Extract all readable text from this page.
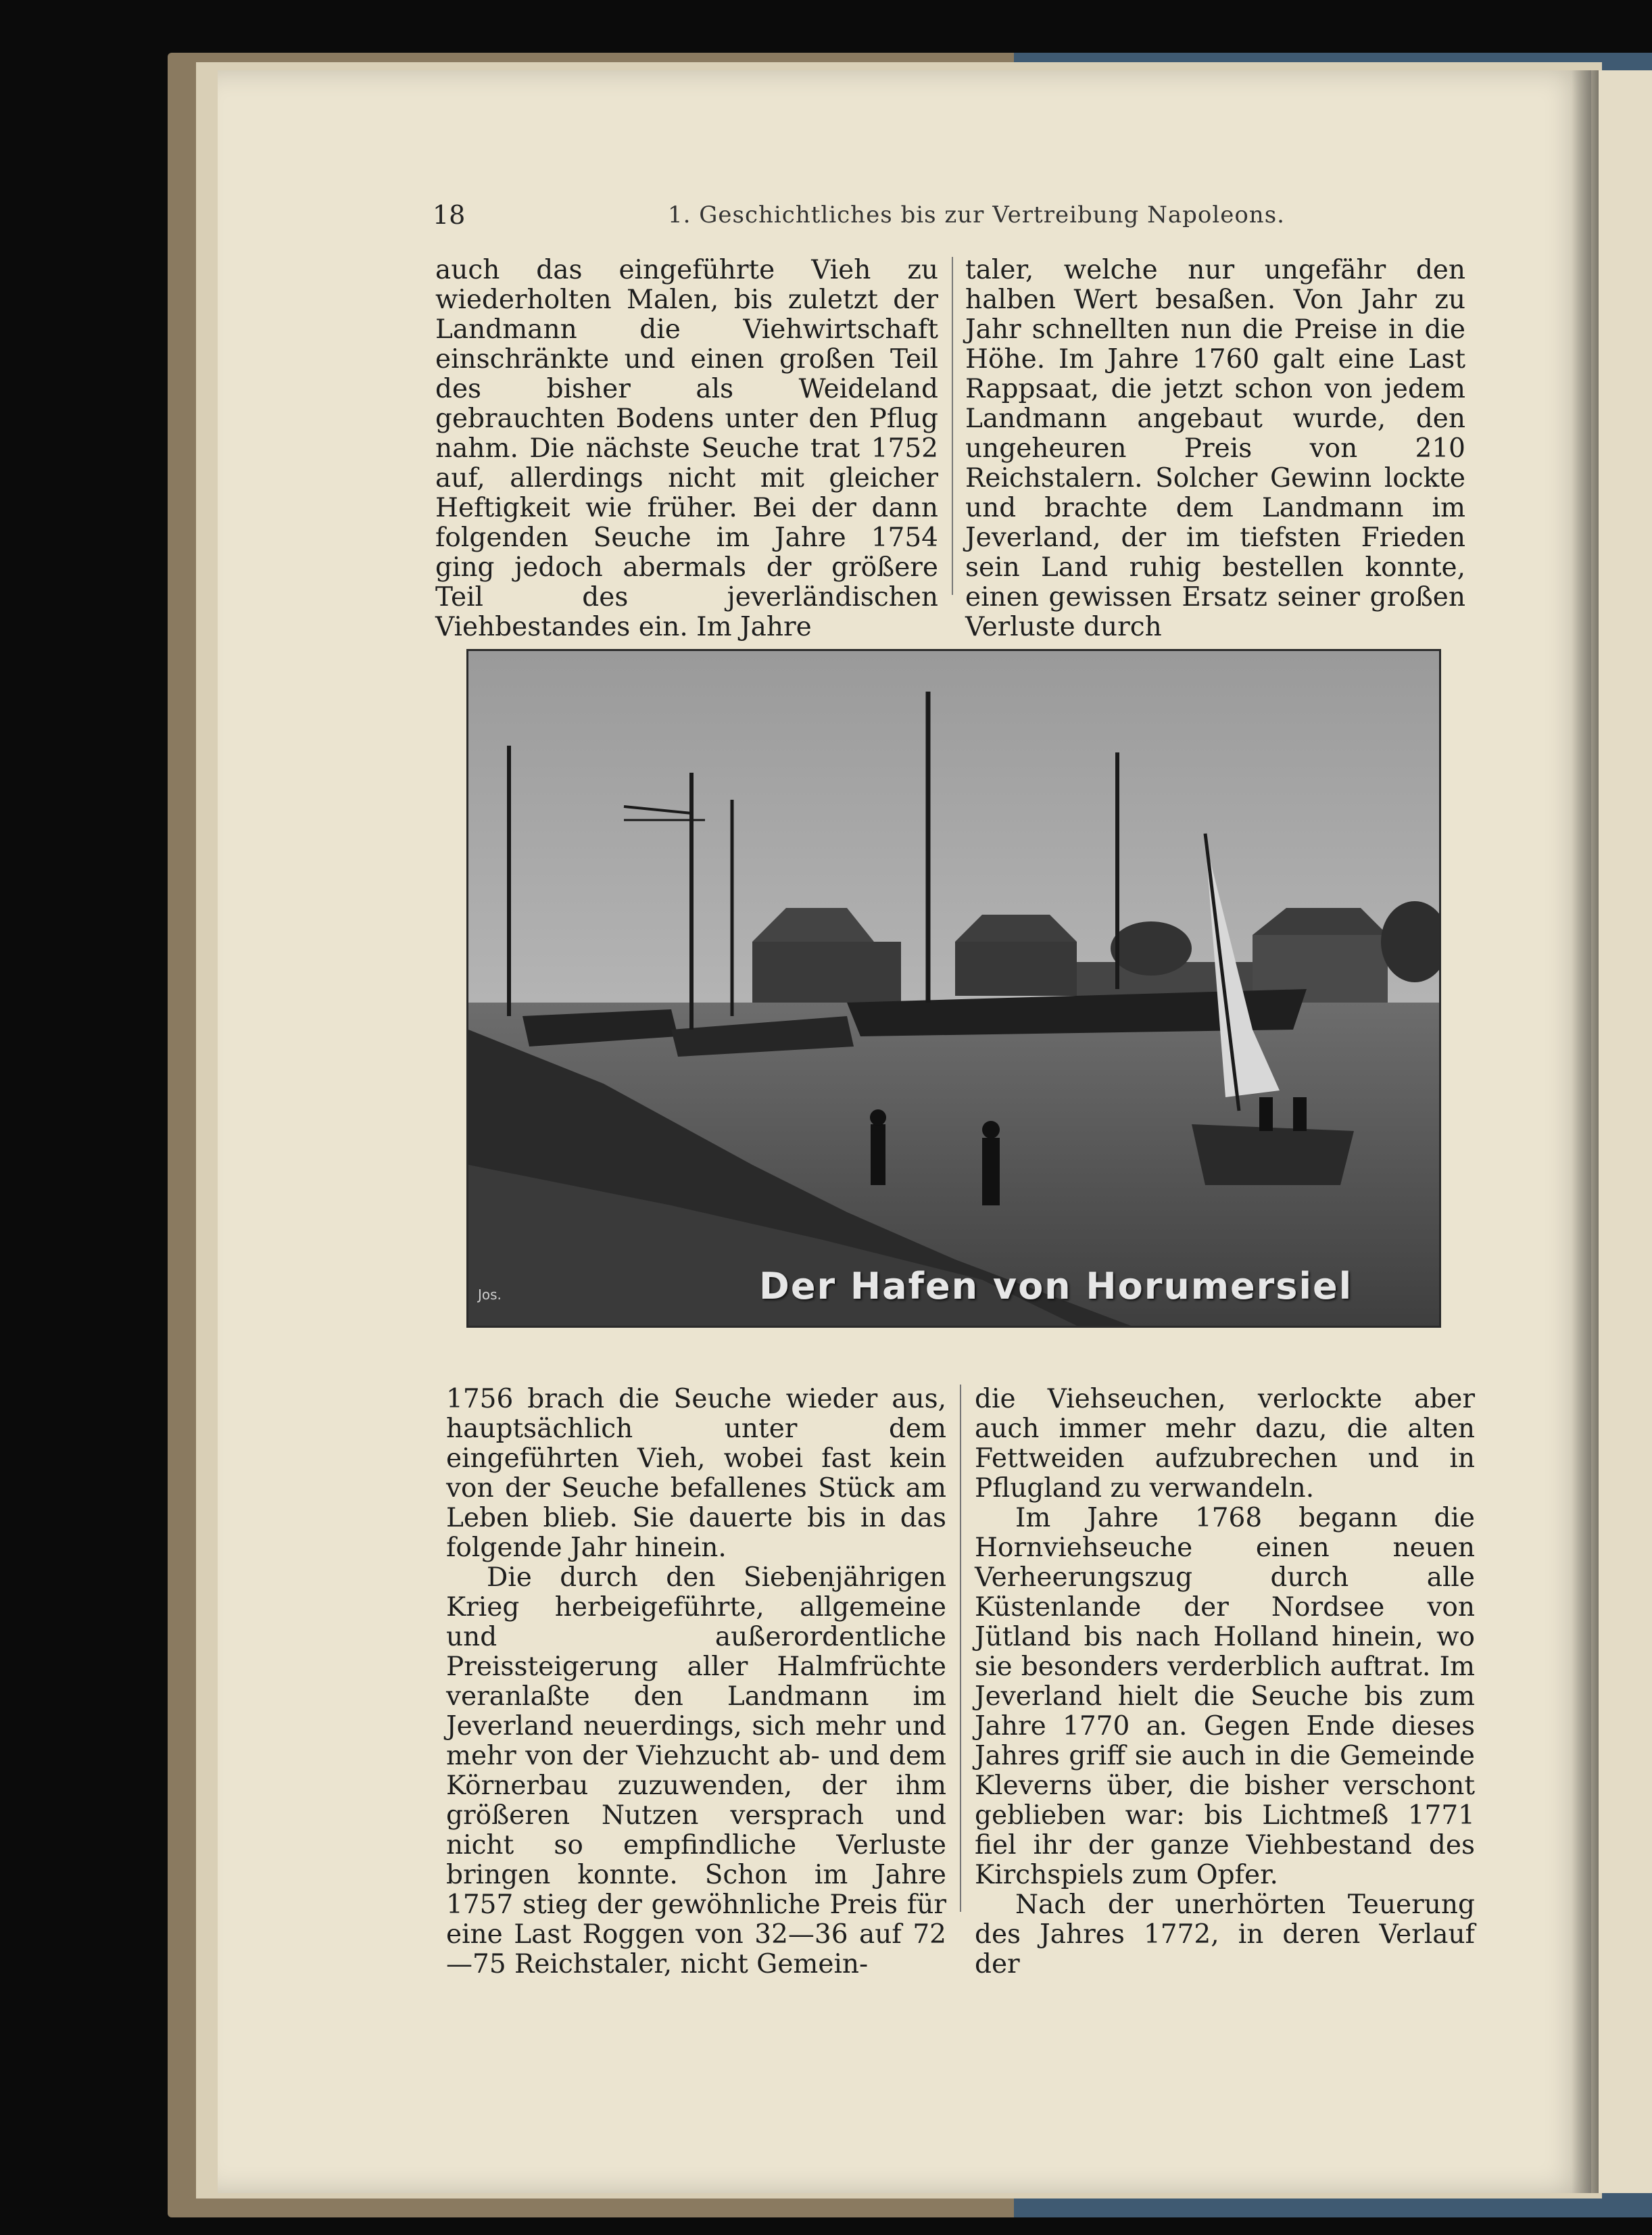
18	1. Geschichtliches bis zur Vertreibung Napoleons.

auch das eingeführte Vieh zu wiederholten Malen, bis zuletzt der Landmann die Viehwirtschaft einschränkte und einen großen Teil des bisher als Weideland gebrauchten Bodens unter den Pflug nahm. Die nächste Seuche trat 1752 auf, allerdings nicht mit gleicher Heftigkeit wie früher. Bei der dann folgenden Seuche im Jahre 1754 ging jedoch abermals der größere Teil des jeverländischen Viehbestandes ein. Im Jahre

taler, welche nur ungefähr den halben Wert besaßen. Von Jahr zu Jahr schnellten nun die Preise in die Höhe. Im Jahre 1760 galt eine Last Rappsaat, die jetzt schon von jedem Landmann angebaut wurde, den ungeheuren Preis von 210 Reichstalern. Solcher Gewinn lockte und brachte dem Landmann im Jeverland, der im tiefsten Frieden sein Land ruhig bestellen konnte, einen gewissen Ersatz seiner großen Verluste durch

Der Hafen von Horumersiel
Jos.

1756 brach die Seuche wieder aus, hauptsächlich unter dem eingeführten Vieh, wobei fast kein von der Seuche befallenes Stück am Leben blieb. Sie dauerte bis in das folgende Jahr hinein.

Die durch den Siebenjährigen Krieg herbeigeführte, allgemeine und außerordentliche Preissteigerung aller Halmfrüchte veranlaßte den Landmann im Jeverland neuerdings, sich mehr und mehr von der Viehzucht ab- und dem Körnerbau zuzuwenden, der ihm größeren Nutzen versprach und nicht so empfindliche Verluste bringen konnte. Schon im Jahre 1757 stieg der gewöhnliche Preis für eine Last Roggen von 32—36 auf 72—75 Reichstaler, nicht Gemein-

die Viehseuchen, verlockte aber auch immer mehr dazu, die alten Fettweiden aufzubrechen und in Pflugland zu verwandeln.

Im Jahre 1768 begann die Hornviehseuche einen neuen Verheerungszug durch alle Küstenlande der Nordsee von Jütland bis nach Holland hinein, wo sie besonders verderblich auftrat. Im Jeverland hielt die Seuche bis zum Jahre 1770 an. Gegen Ende dieses Jahres griff sie auch in die Gemeinde Kleverns über, die bisher verschont geblieben war: bis Lichtmeß 1771 fiel ihr der ganze Viehbestand des Kirchspiels zum Opfer.

Nach der unerhörten Teuerung des Jahres 1772, in deren Verlauf der
